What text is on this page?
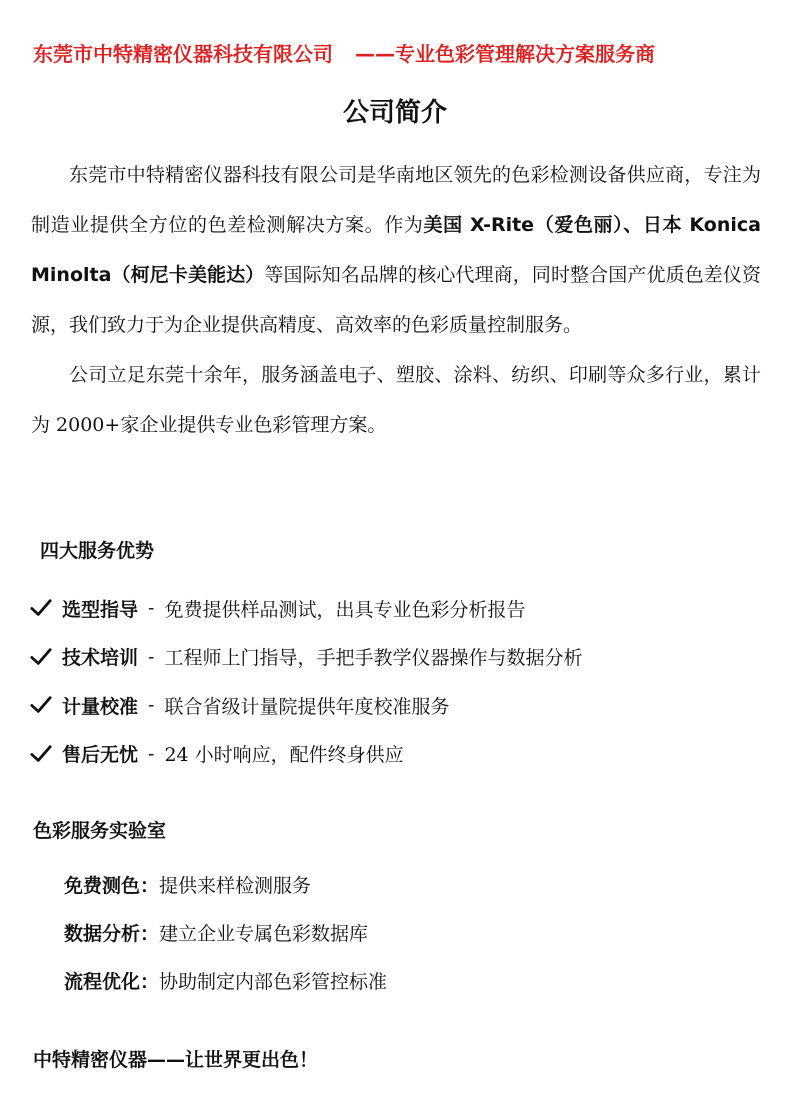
东莞市中特精密仪器科技有限公司 ——专业色彩管理解决方案服务商
公司简介

东莞市中特精密仪器科技有限公司是华南地区领先的色彩检测设备供应商，专注为制造业提供全方位的色差检测解决方案。作为美国 X-Rite（爱色丽）、日本 Konica Minolta（柯尼卡美能达）等国际知名品牌的核心代理商，同时整合国产优质色差仪资源，我们致力于为企业提供高精度、高效率的色彩质量控制服务。

公司立足东莞十余年，服务涵盖电子、塑胶、涂料、纺织、印刷等众多行业，累计为 2000+家企业提供专业色彩管理方案。

四大服务优势
选型指导 - 免费提供样品测试，出具专业色彩分析报告
技术培训 - 工程师上门指导，手把手教学仪器操作与数据分析
计量校准 - 联合省级计量院提供年度校准服务
售后无忧 - 24 小时响应，配件终身供应
色彩服务实验室
免费测色： 提供来样检测服务
数据分析： 建立企业专属色彩数据库
流程优化： 协助制定内部色彩管控标准
中特精密仪器——让世界更出色！
